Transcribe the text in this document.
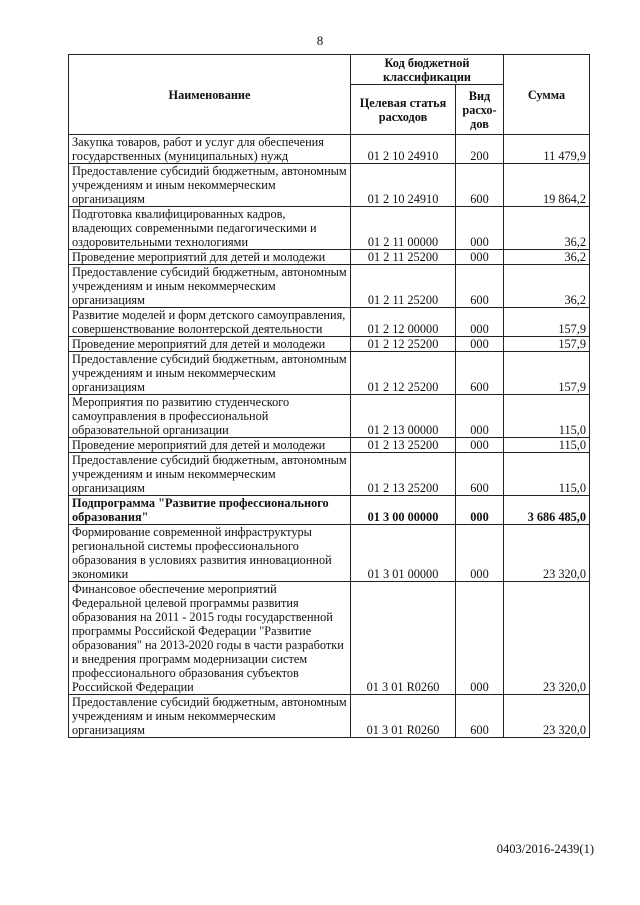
8
Наименование	Код бюджетной классификации		Сумма
	Целевая статья расходов	Вид расхо-дов	
Закупка товаров, работ и услуг для обеспечения государственных (муниципальных) нужд	01 2 10 24910	200	11 479,9
Предоставление субсидий бюджетным, автономным учреждениям и иным некоммерческим организациям	01 2 10 24910	600	19 864,2
Подготовка квалифицированных кадров, владеющих современными педагогическими и оздоровительными технологиями	01 2 11 00000	000	36,2
Проведение мероприятий для детей и молодежи	01 2 11 25200	000	36,2
Предоставление субсидий бюджетным, автономным учреждениям и иным некоммерческим организациям	01 2 11 25200	600	36,2
Развитие моделей и форм детского самоуправления, совершенствование волонтерской деятельности	01 2 12 00000	000	157,9
Проведение мероприятий для детей и молодежи	01 2 12 25200	000	157,9
Предоставление субсидий бюджетным, автономным учреждениям и иным некоммерческим организациям	01 2 12 25200	600	157,9
Мероприятия по развитию студенческого самоуправления в профессиональной образовательной организации	01 2 13 00000	000	115,0
Проведение мероприятий для детей и молодежи	01 2 13 25200	000	115,0
Предоставление субсидий бюджетным, автономным учреждениям и иным некоммерческим организациям	01 2 13 25200	600	115,0
Подпрограмма "Развитие профессионального образования"	01 3 00 00000	000	3 686 485,0
Формирование современной инфраструктуры региональной системы профессионального образования в условиях развития инновационной экономики	01 3 01 00000	000	23 320,0
Финансовое обеспечение мероприятий Федеральной целевой программы развития образования на 2011 - 2015 годы государственной программы Российской Федерации "Развитие образования" на 2013-2020 годы в части разработки и внедрения программ модернизации систем профессионального образования субъектов Российской Федерации	01 3 01 R0260	000	23 320,0
Предоставление субсидий бюджетным, автономным учреждениям и иным некоммерческим организациям	01 3 01 R0260	600	23 320,0
0403/2016-2439(1)
